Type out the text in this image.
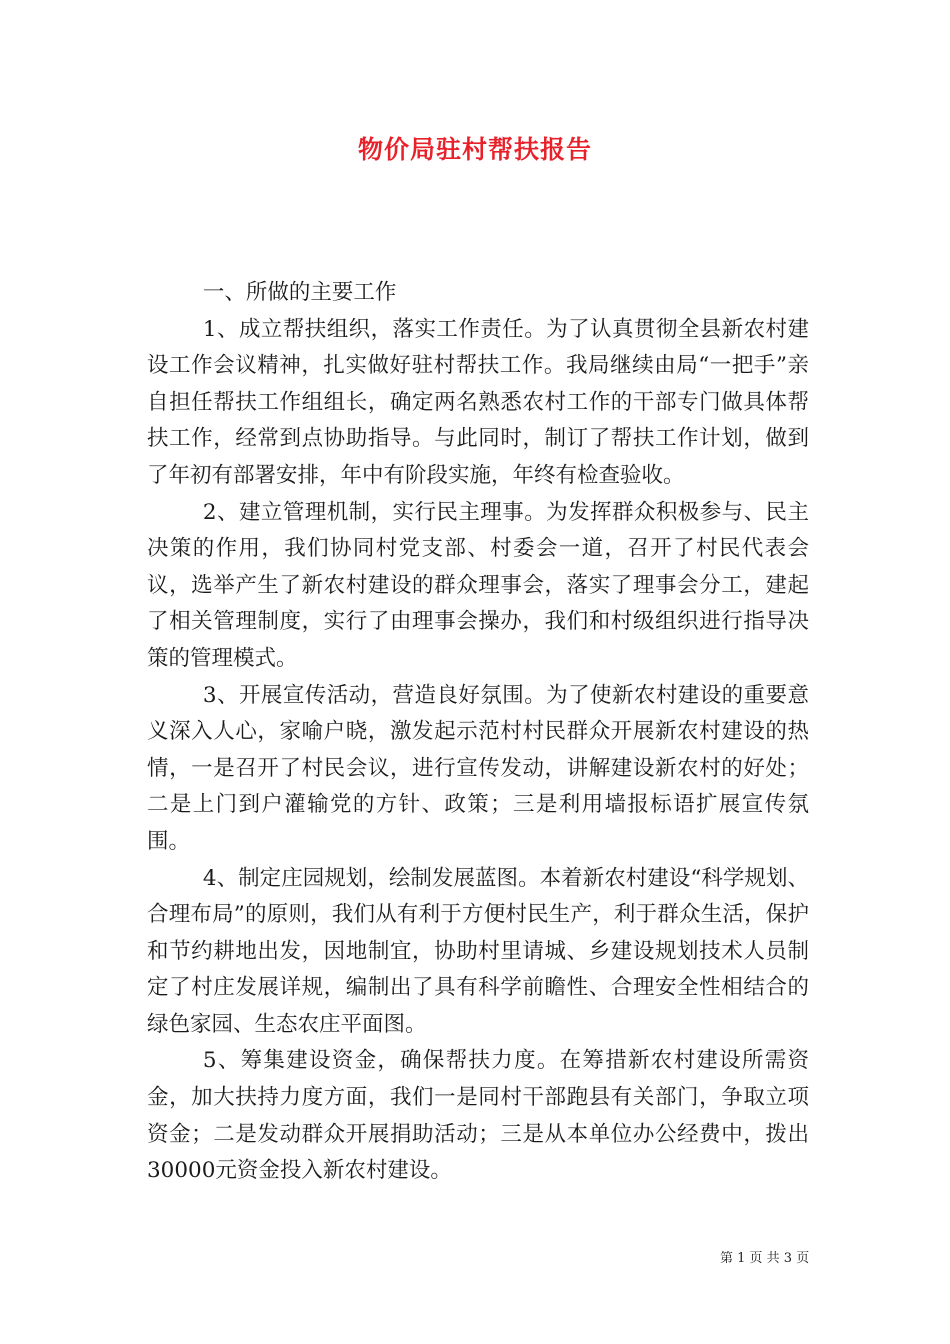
物价局驻村帮扶报告

一、所做的主要工作

1、成立帮扶组织，落实工作责任。为了认真贯彻全县新农村建设工作会议精神，扎实做好驻村帮扶工作。我局继续由局“一把手”亲自担任帮扶工作组组长，确定两名熟悉农村工作的干部专门做具体帮扶工作，经常到点协助指导。与此同时，制订了帮扶工作计划，做到了年初有部署安排，年中有阶段实施，年终有检查验收。

2、建立管理机制，实行民主理事。为发挥群众积极参与、民主决策的作用，我们协同村党支部、村委会一道，召开了村民代表会议，选举产生了新农村建设的群众理事会，落实了理事会分工，建起了相关管理制度，实行了由理事会操办，我们和村级组织进行指导决策的管理模式。

3、开展宣传活动，营造良好氛围。为了使新农村建设的重要意义深入人心，家喻户晓，激发起示范村村民群众开展新农村建设的热情，一是召开了村民会议，进行宣传发动，讲解建设新农村的好处；二是上门到户灌输党的方针、政策；三是利用墙报标语扩展宣传氛围。

4、制定庄园规划，绘制发展蓝图。本着新农村建设“科学规划、合理布局”的原则，我们从有利于方便村民生产，利于群众生活，保护和节约耕地出发，因地制宜，协助村里请城、乡建设规划技术人员制定了村庄发展详规，编制出了具有科学前瞻性、合理安全性相结合的绿色家园、生态农庄平面图。

5、筹集建设资金，确保帮扶力度。在筹措新农村建设所需资金，加大扶持力度方面，我们一是同村干部跑县有关部门，争取立项资金；二是发动群众开展捐助活动；三是从本单位办公经费中，拨出30000元资金投入新农村建设。

第 1 页 共 3 页
